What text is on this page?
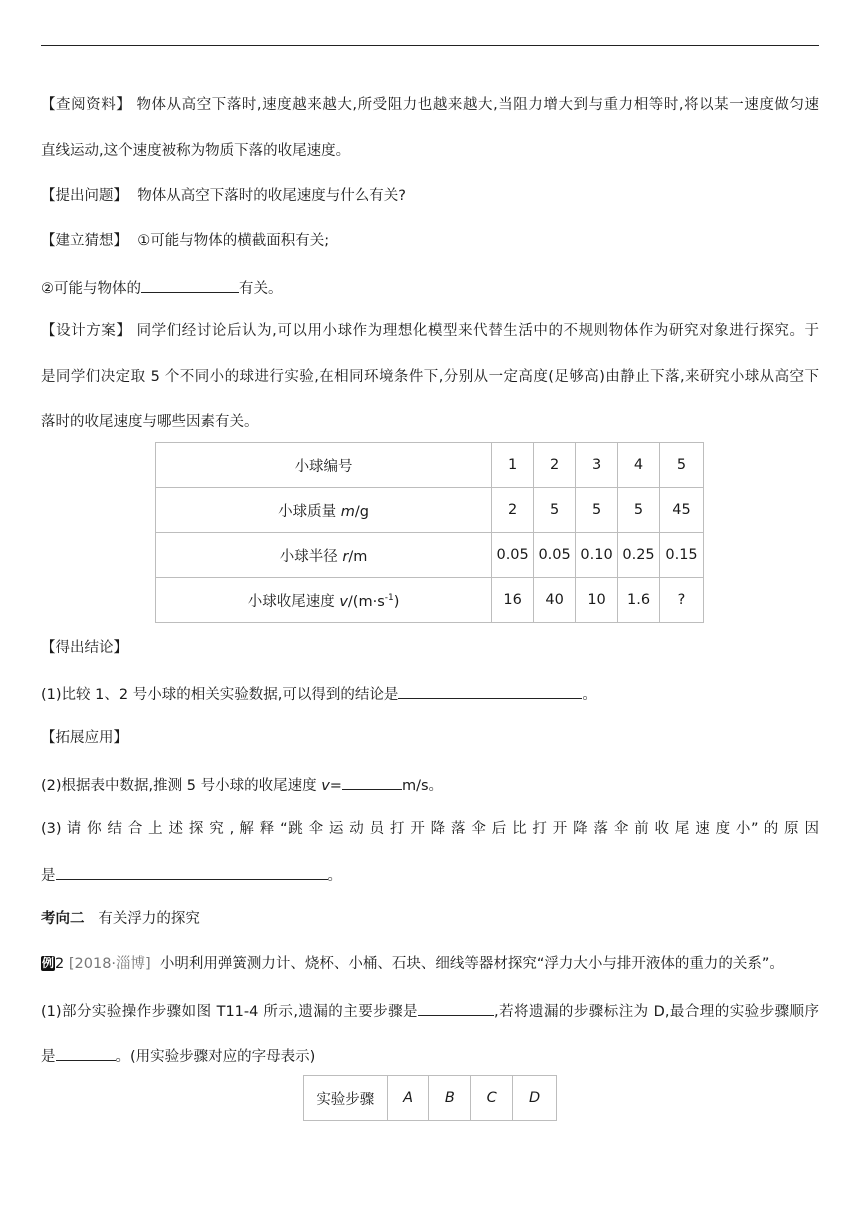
【查阅资料】 物体从高空下落时,速度越来越大,所受阻力也越来越大,当阻力增大到与重力相等时,将以某一速度做匀速
直线运动,这个速度被称为物质下落的收尾速度。
【提出问题】 物体从高空下落时的收尾速度与什么有关?
【建立猜想】 ①可能与物体的横截面积有关;
②可能与物体的	有关。
【设计方案】 同学们经讨论后认为,可以用小球作为理想化模型来代替生活中的不规则物体作为研究对象进行探究。于
是同学们决定取 5 个不同小的球进行实验,在相同环境条件下,分别从一定高度(足够高)由静止下落,来研究小球从高空下
落时的收尾速度与哪些因素有关。
小球编号	1	2	3	4	5
小球质量 m/g	2	5	5	5	45
小球半径 r/m	0.05	0.05	0.10	0.25	0.15
小球收尾速度 $v/(m\cdot s^{-1})$	16	40	10	1.6	?
【得出结论】
(1)比较 1、2 号小球的相关实验数据,可以得到的结论是	。
【拓展应用】
(2)根据表中数据,推测 5 号小球的收尾速度 v=	m/s。
(3) 请 你 结 合 上 述 探 究 , 解 释 “跳 伞 运 动 员 打 开 降 落 伞 后 比 打 开 降 落 伞 前 收 尾 速 度 小” 的 原 因
是	。
考向二 有关浮力的探究
例2 [2018·淄博] 小明利用弹簧测力计、烧杯、小桶、石块、细线等器材探究“浮力大小与排开液体的重力的关系”。
(1)部分实验操作步骤如图 T11-4 所示,遗漏的主要步骤是	,若将遗漏的步骤标注为 D,最合理的实验步骤顺序
是	。(用实验步骤对应的字母表示)
实验步骤	A	B	C	D
